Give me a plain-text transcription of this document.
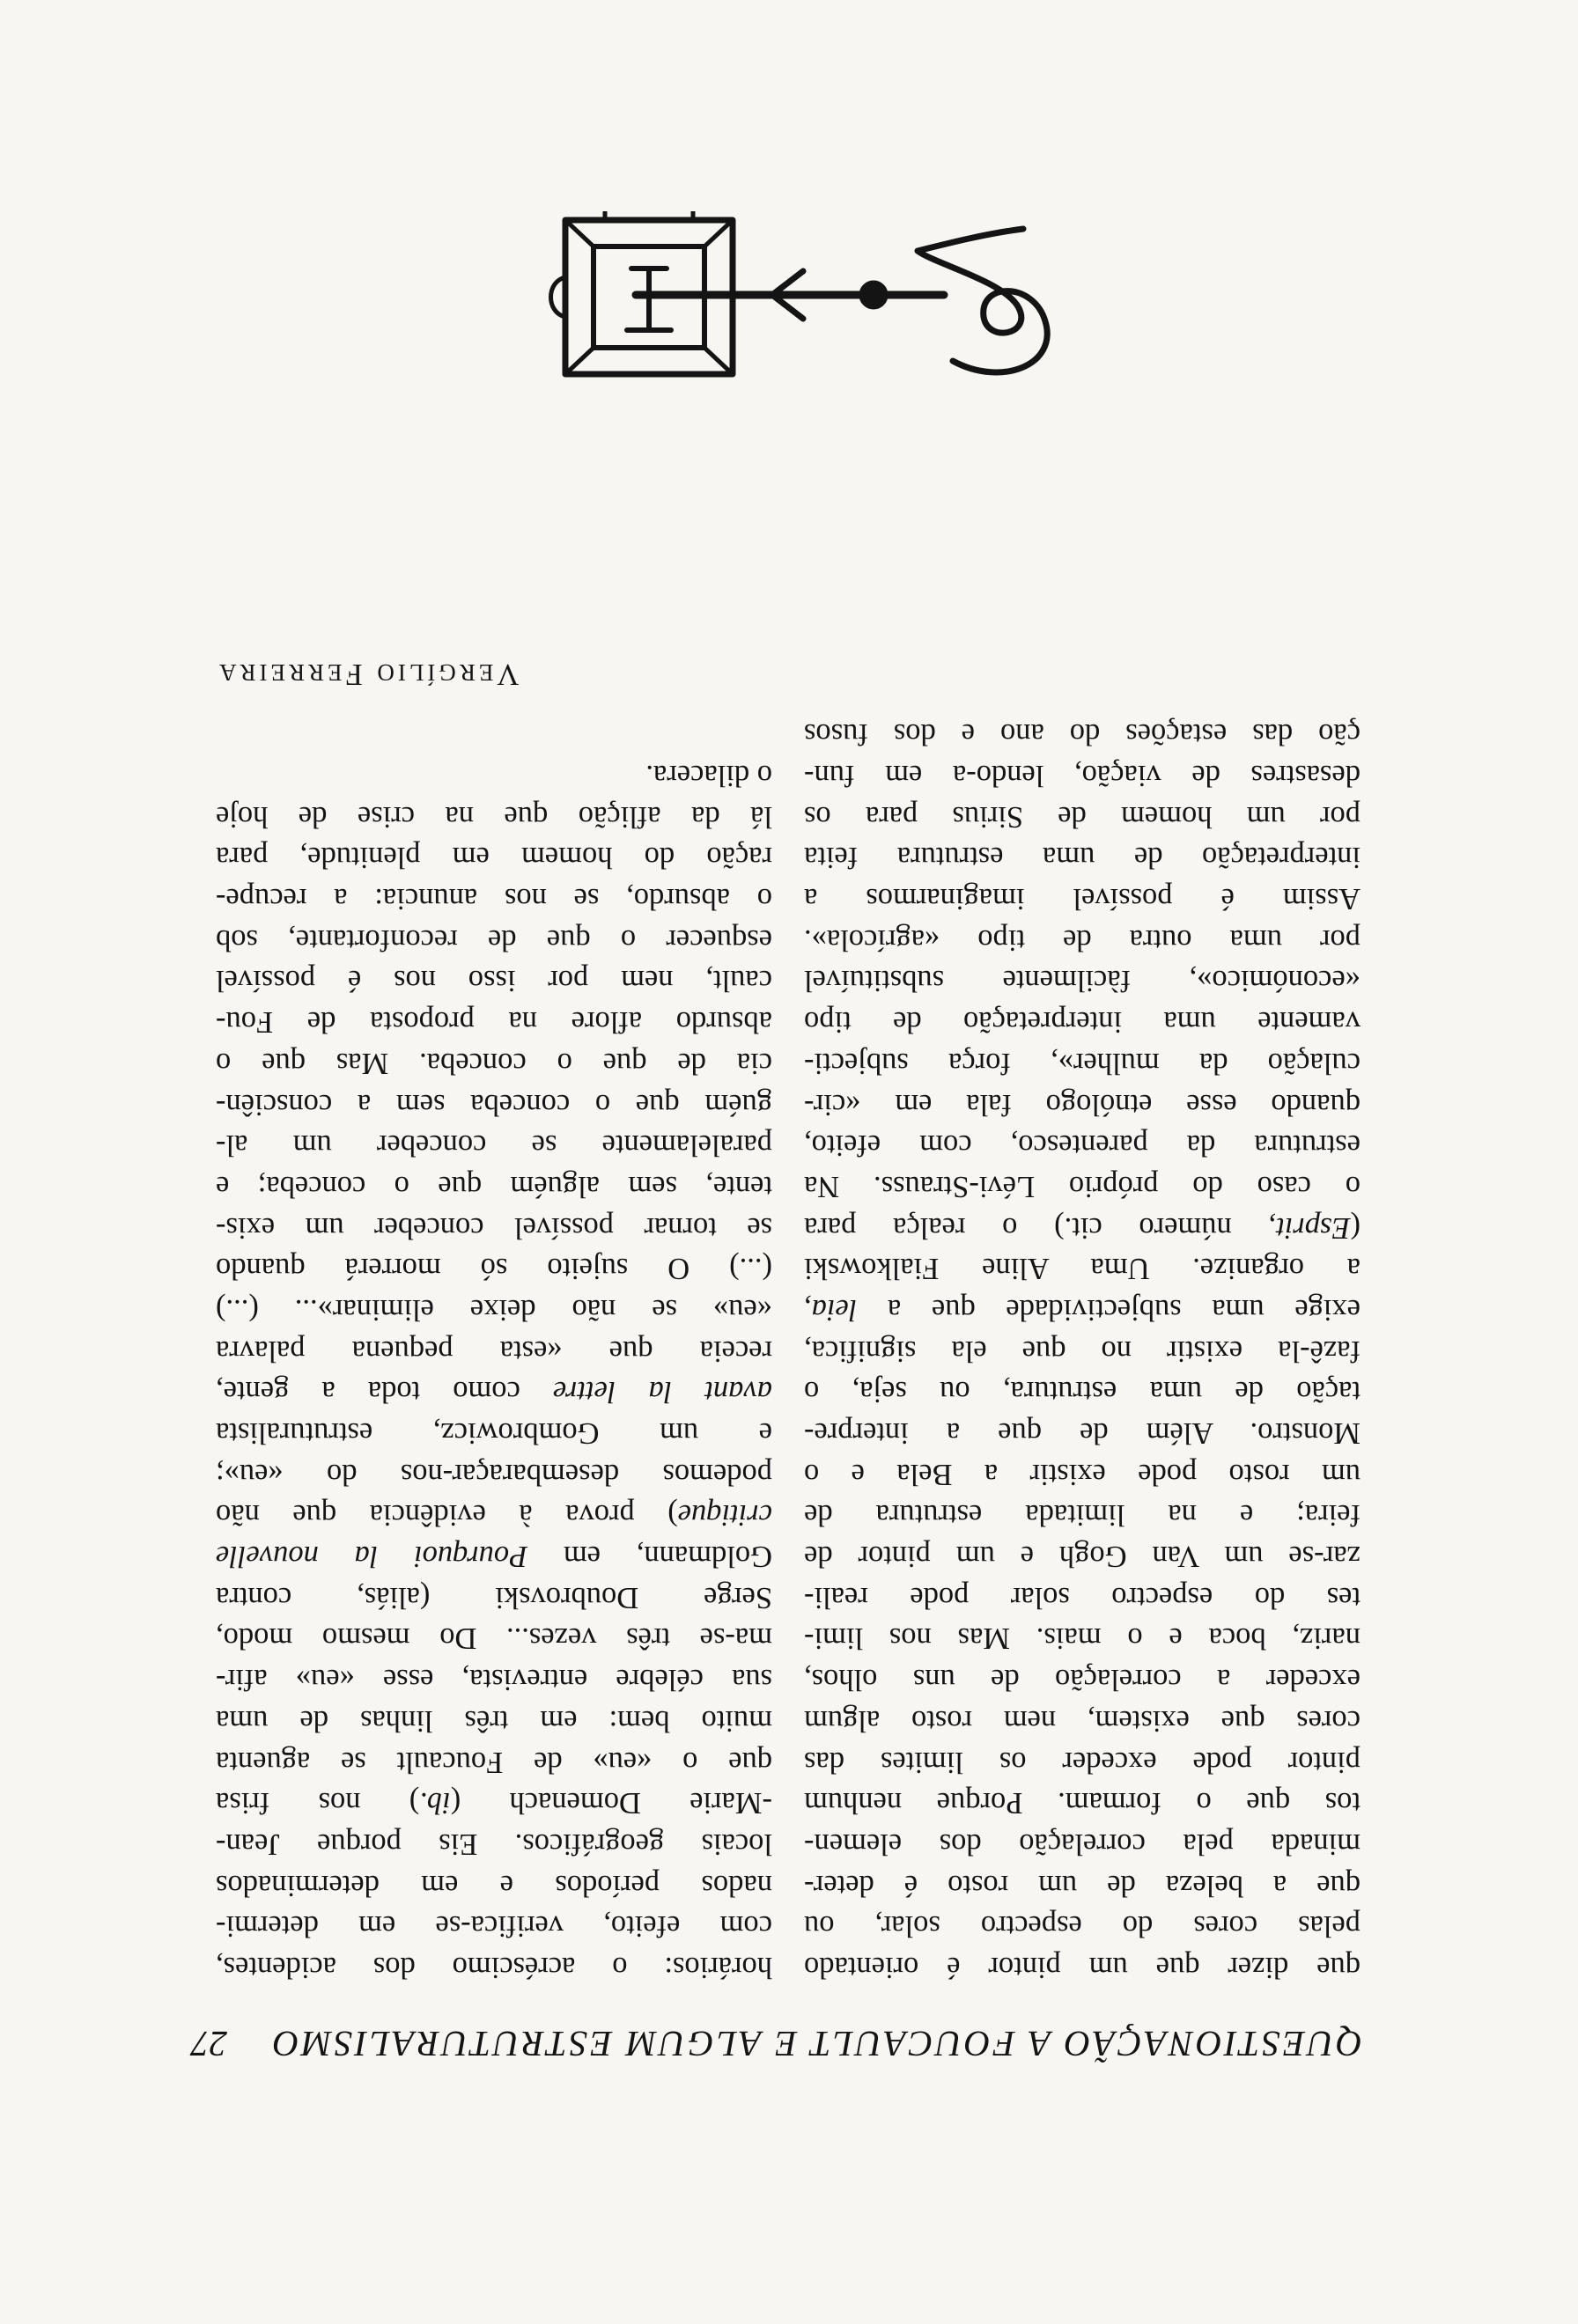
QUESTIONAÇÃO A FOUCAULT E ALGUM ESTRUTURALISMO
27
que dizer que um pintor é orientado
pelas cores do espectro solar, ou
que a beleza de um rosto é deter-
minada pela correlação dos elemen-
tos que o formam. Porque nenhum
pintor pode exceder os limites das
cores que existem, nem rosto algum
exceder a correlação de uns olhos,
nariz, boca e o mais. Mas nos limi-
tes do espectro solar pode reali-
zar-se um Van Gogh e um pintor de
feira; e na limitada estrutura de
um rosto pode existir a Bela e o
Monstro. Além de que a interpre-
tação de uma estrutura, ou seja, o
fazê-la existir no que ela significa,
exige uma subjectividade que a leia,
a organize. Uma Aline Fialkowski
(Esprit, número cit.) o realça para
o caso do próprio Lévi-Strauss. Na
estrutura da parentesco, com efeito,
quando esse etnólogo fala em «cir-
culação da mulher», força subjecti-
vamente uma interpretação de tipo
«económico», fàcilmente substituível
por uma outra de tipo «agrícola».
Assim é possível imaginarmos a
interpretação de uma estrutura feita
por um homem de Sirius para os
desastres de viação, lendo-a em fun-
ção das estações do ano e dos fusos
horários: o acréscimo dos acidentes,
com efeito, verifica-se em determi-
nados períodos e em determinados
locais geográficos. Eis porque Jean-
-Marie Domenach (ib.) nos frisa
que o «eu» de Foucault se aguenta
muito bem: em três linhas de uma
sua célebre entrevista, esse «eu» afir-
ma-se três vezes... Do mesmo modo,
Serge Doubrovski (aliás, contra
Goldmann, em Pourquoi la nouvelle
critique) prova à evidência que não
podemos desembaraçar-nos do «eu»;
e um Gombrowicz, estruturalista
avant la lettre como toda a gente,
receia que «esta pequena palavra
«eu» se não deixe eliminar»... (...)
(...) O sujeito só morrerá quando
se tornar possível conceber um exis-
tente, sem alguém que o conceba; e
paralelamente se conceber um al-
guém que o conceba sem a consciên-
cia de que o conceba. Mas que o
absurdo aflore na proposta de Fou-
cault, nem por isso nos é possível
esquecer o que de reconfortante, sob
o absurdo, se nos anuncia: a recupe-
ração do homem em plenitude, para
lá da aflição que na crise de hoje
o dilacera.
VERGÍLIO FERREIRA
